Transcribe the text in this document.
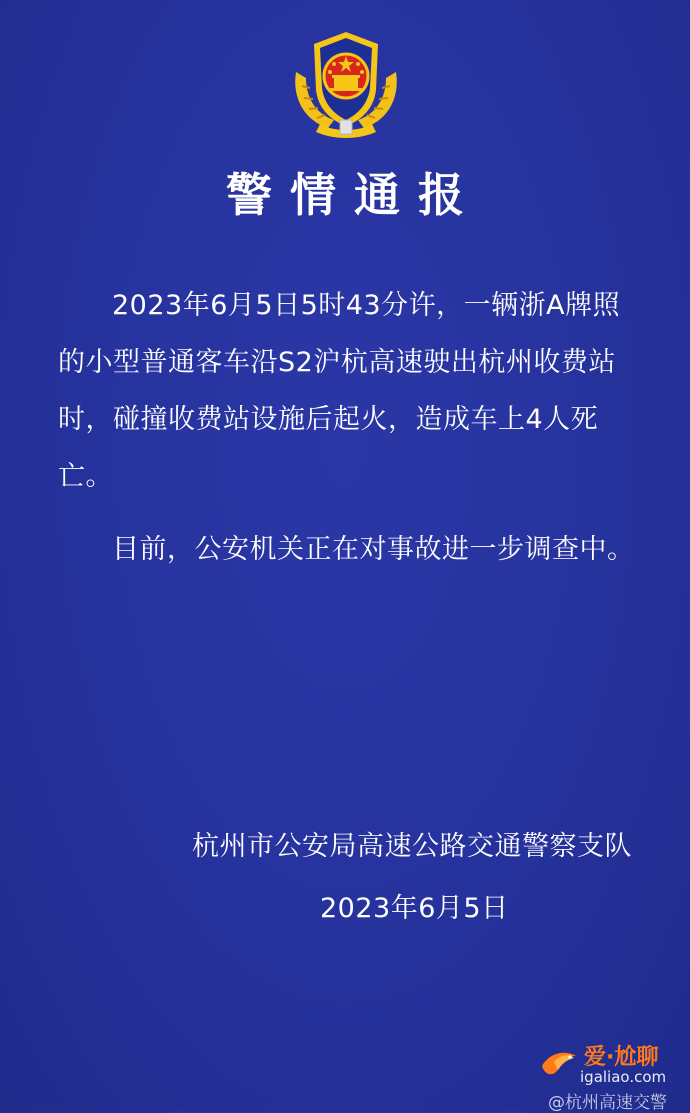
警情通报

2023年6月5日5时43分许，一辆浙A牌照的小型普通客车沿S2沪杭高速驶出杭州收费站时，碰撞收费站设施后起火，造成车上4人死亡。

目前，公安机关正在对事故进一步调查中。

杭州市公安局高速公路交通警察支队
2023年6月5日
爱·尬聊
igaliao.com
@杭州高速交警
